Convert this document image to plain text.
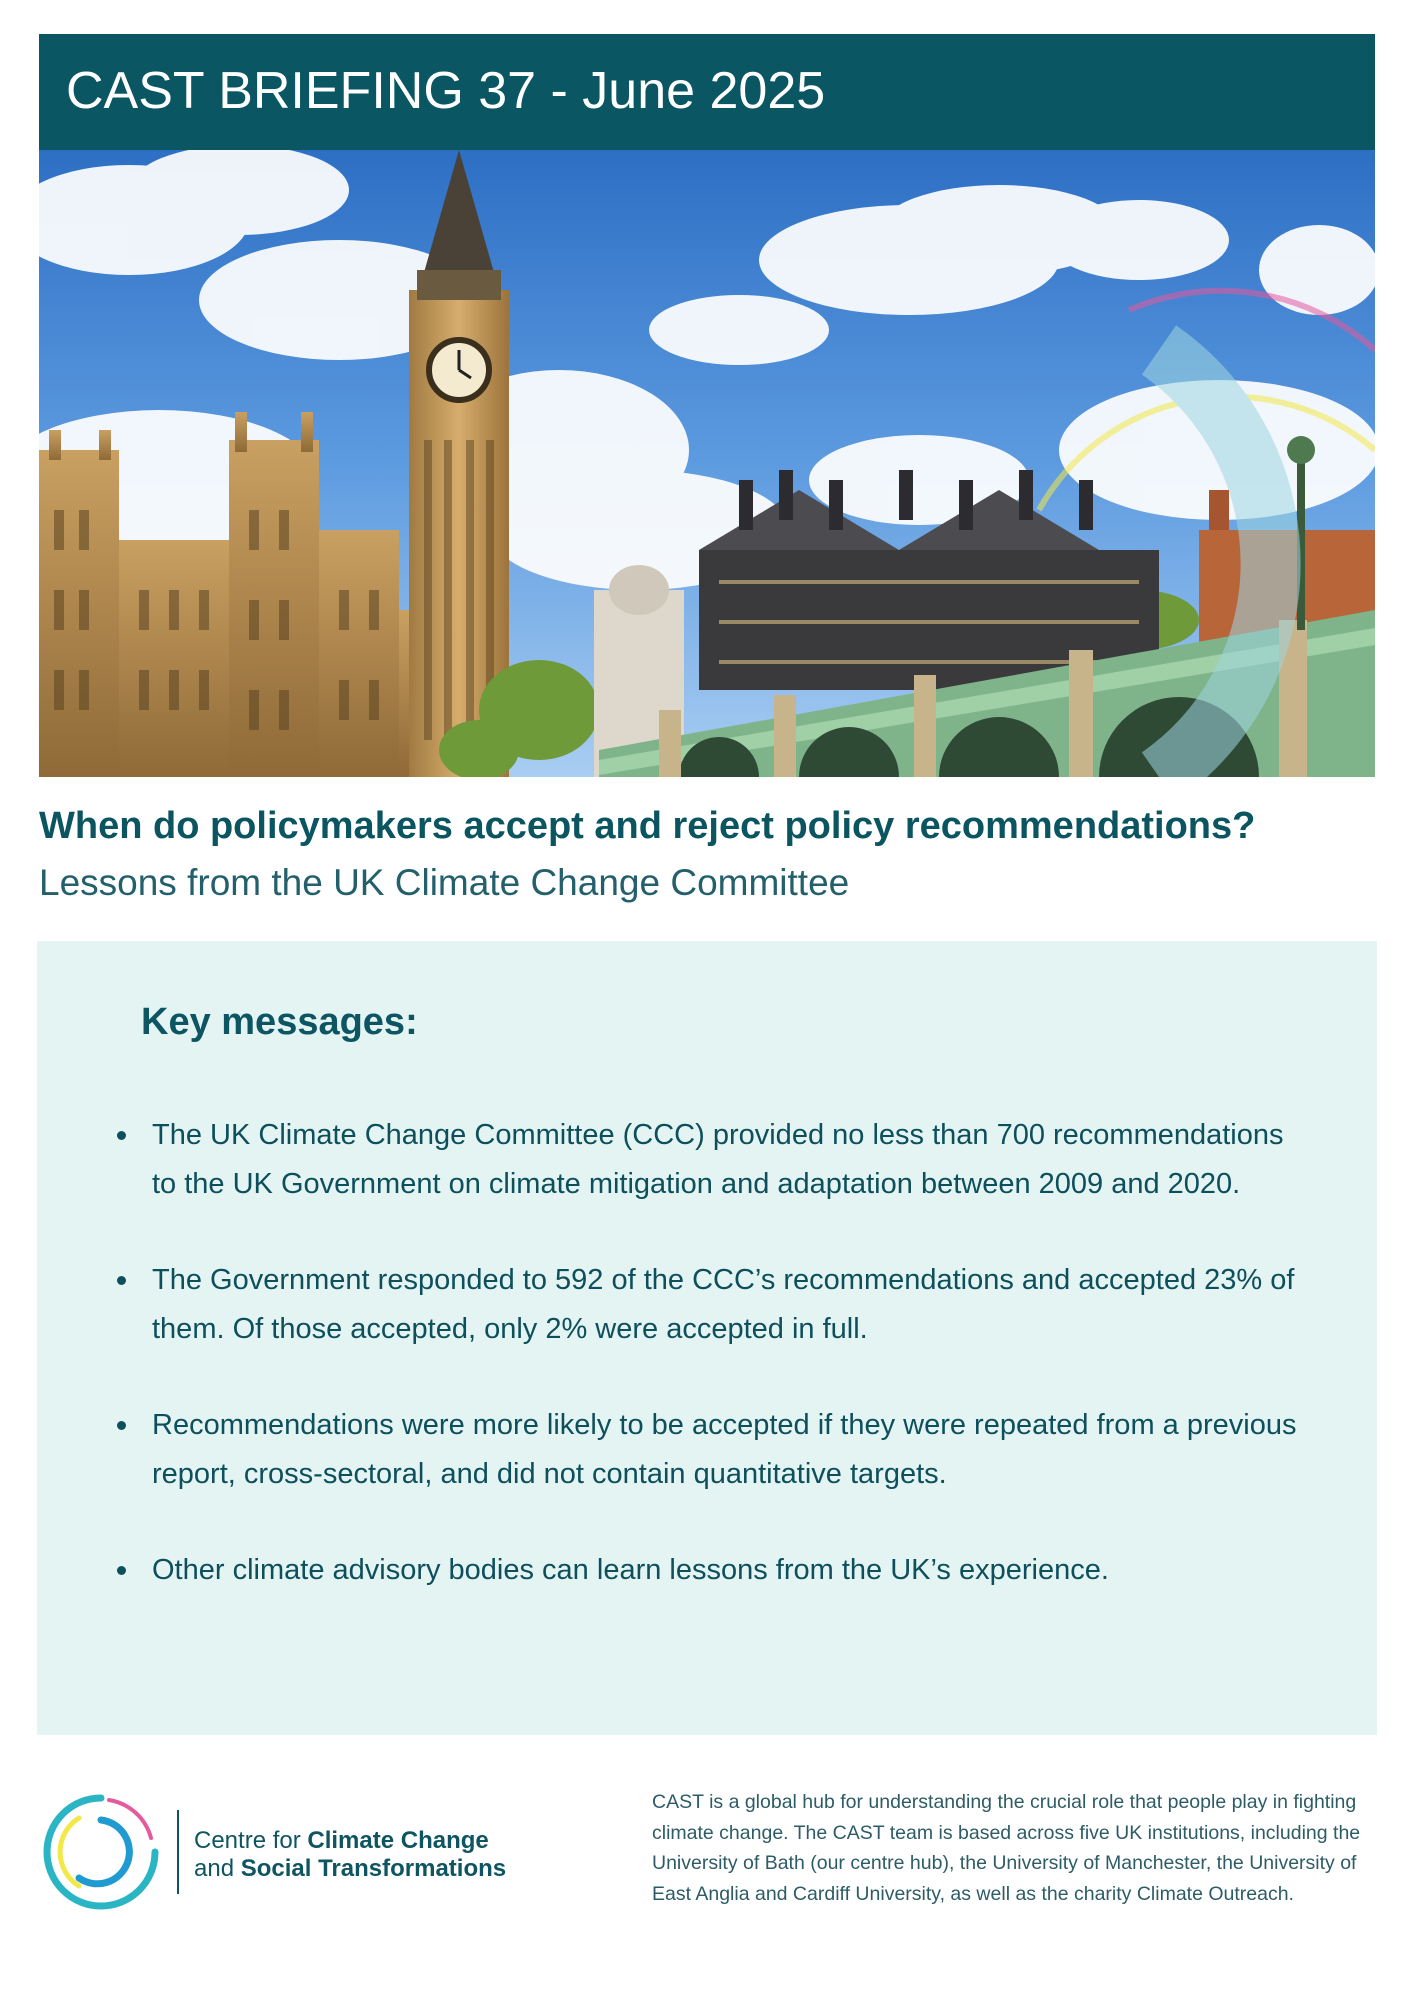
CAST BRIEFING 37 - June 2025
When do policymakers accept and reject policy recommendations?
Lessons from the UK Climate Change Committee
Key messages:
The UK Climate Change Committee (CCC) provided no less than 700 recommendations to the UK Government on climate mitigation and adaptation between 2009 and 2020.
The Government responded to 592 of the CCC’s recommendations and accepted 23% of them. Of those accepted, only 2% were accepted in full.
Recommendations were more likely to be accepted if they were repeated from a previous report, cross-sectoral, and did not contain quantitative targets.
Other climate advisory bodies can learn lessons from the UK’s experience.
Centre for Climate Change
and Social Transformations
CAST is a global hub for understanding the crucial role that people play in fighting climate change. The CAST team is based across five UK institutions, including the University of Bath (our centre hub), the University of Manchester, the University of East Anglia and Cardiff University, as well as the charity Climate Outreach.
